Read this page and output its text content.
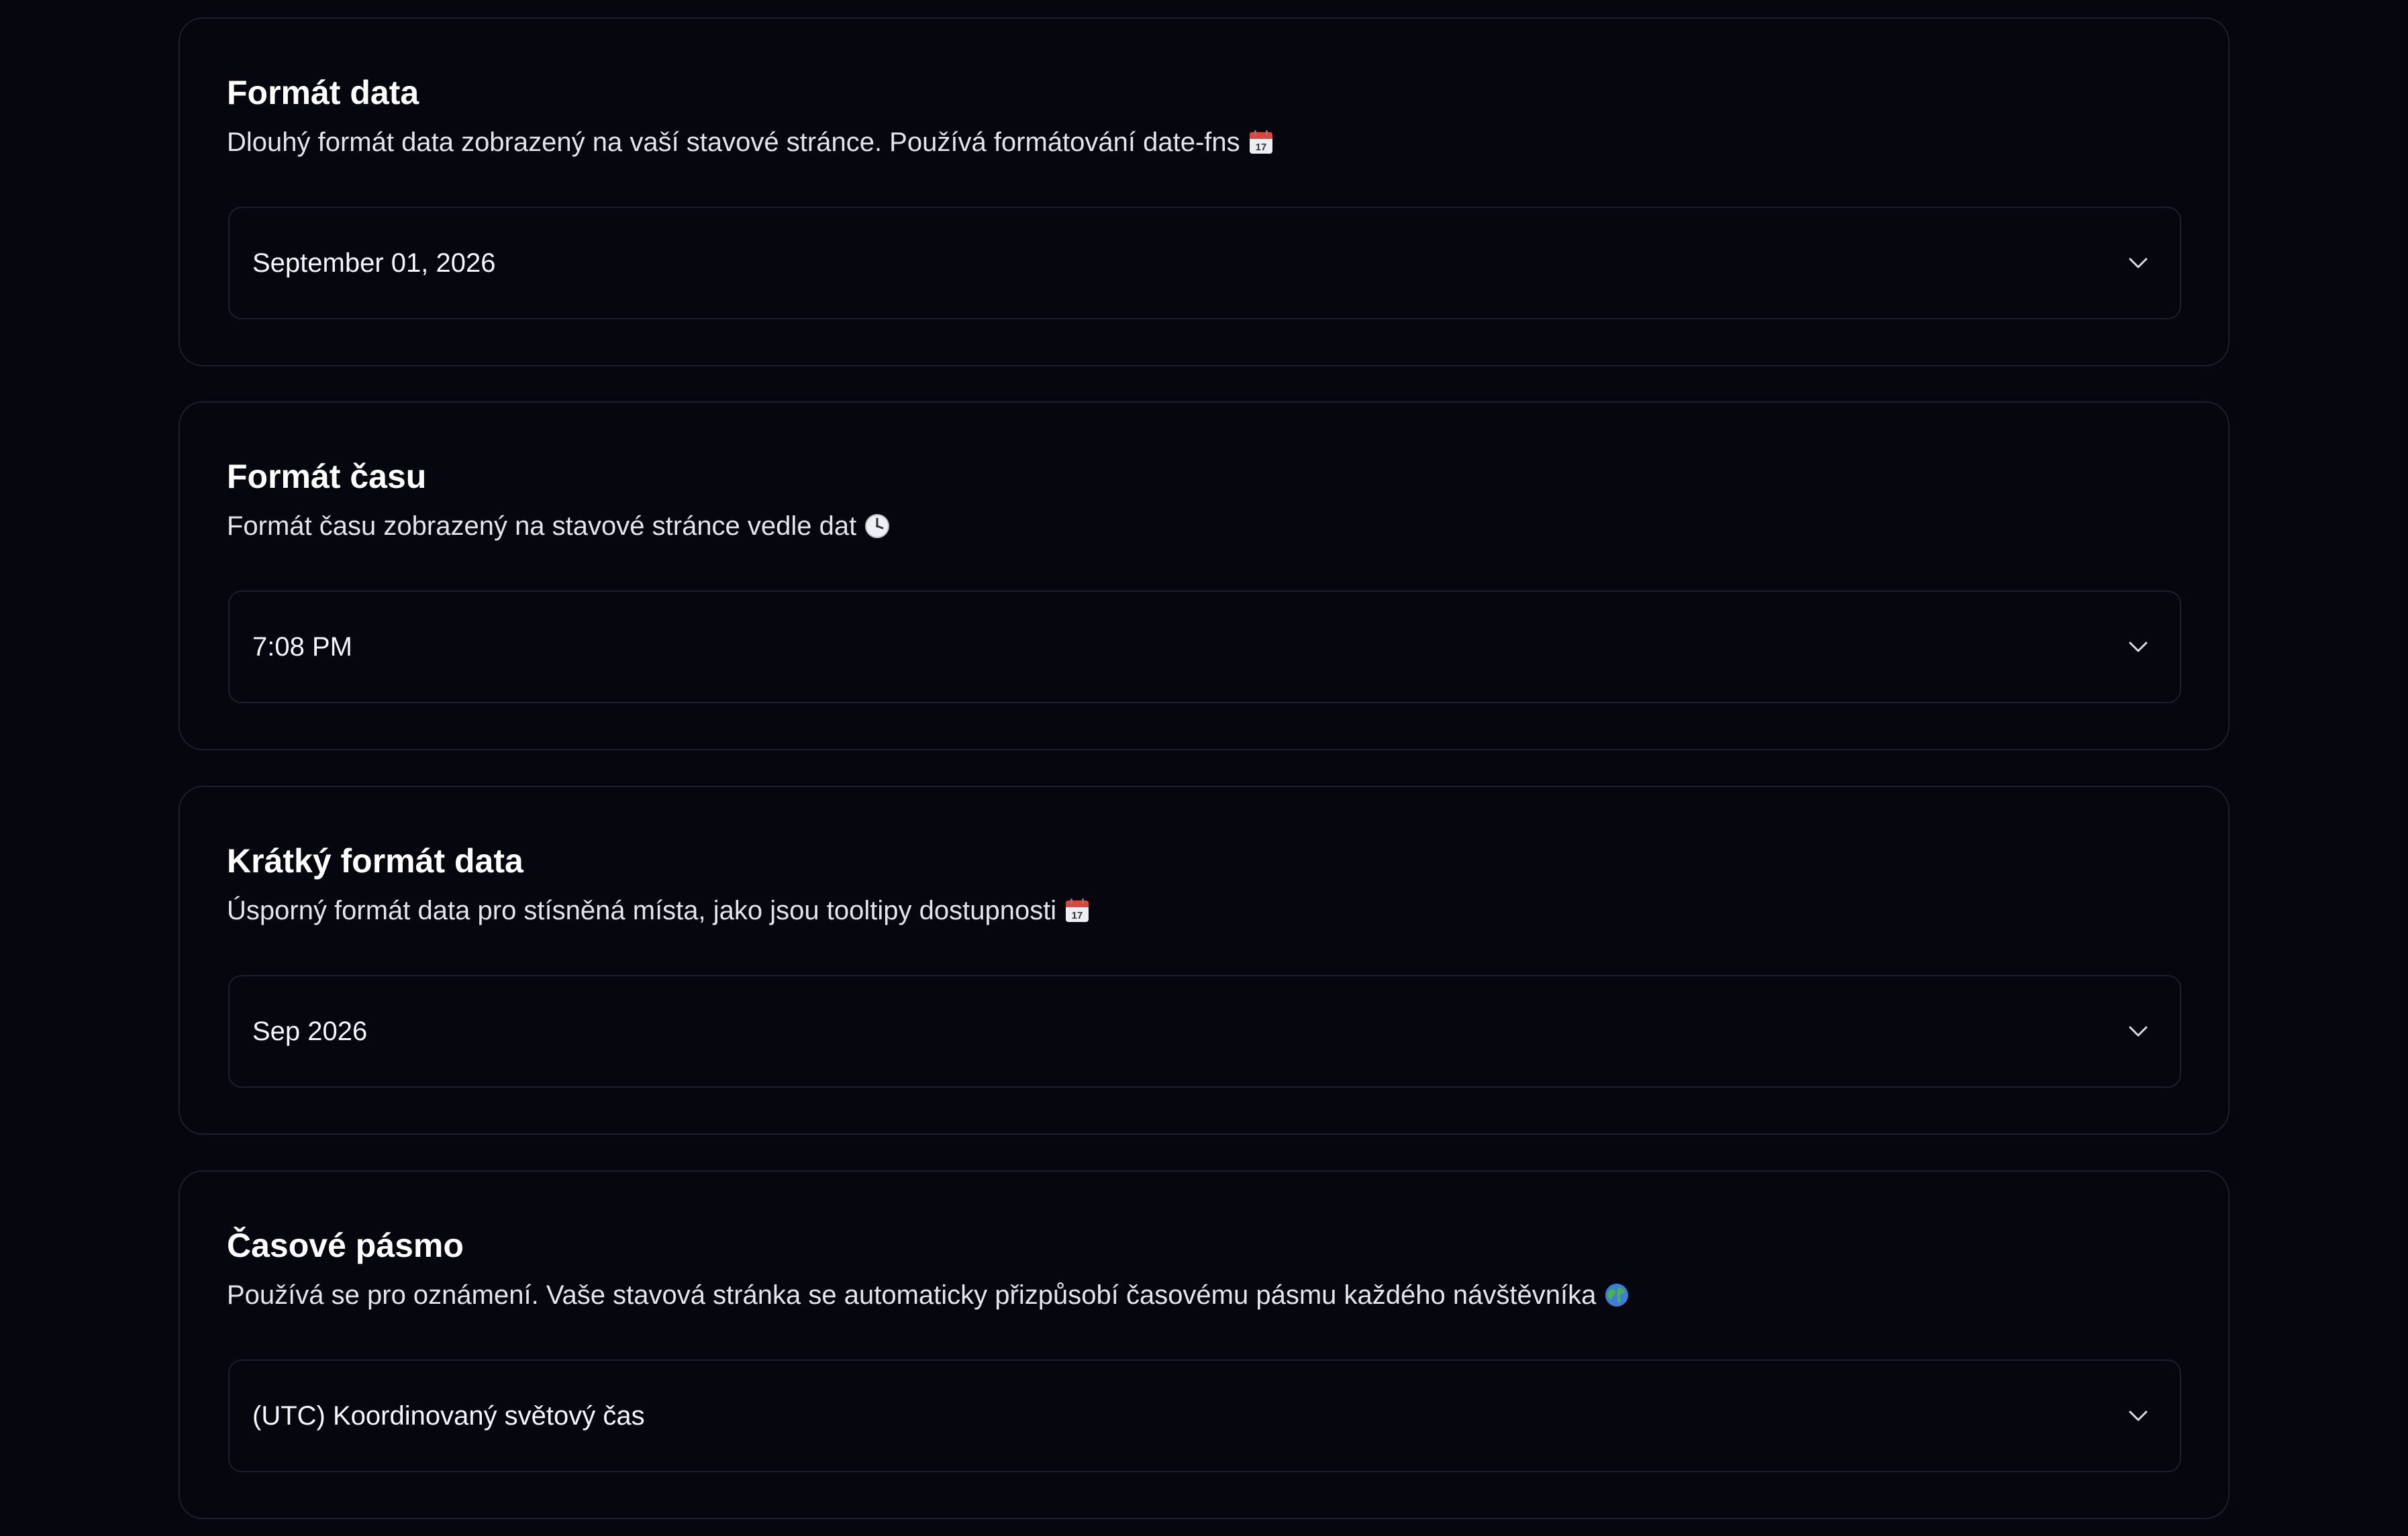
Formát data
Dlouhý formát data zobrazený na vaší stavové stránce. Používá formátování date-fns 17
September 01, 2026
Formát času
Formát času zobrazený na stavové stránce vedle dat
7:08 PM
Krátký formát data
Úsporný formát data pro stísněná místa, jako jsou tooltipy dostupnosti 17
Sep 2026
Časové pásmo
Používá se pro oznámení. Vaše stavová stránka se automaticky přizpůsobí časovému pásmu každého návštěvníka
(UTC) Koordinovaný světový čas
